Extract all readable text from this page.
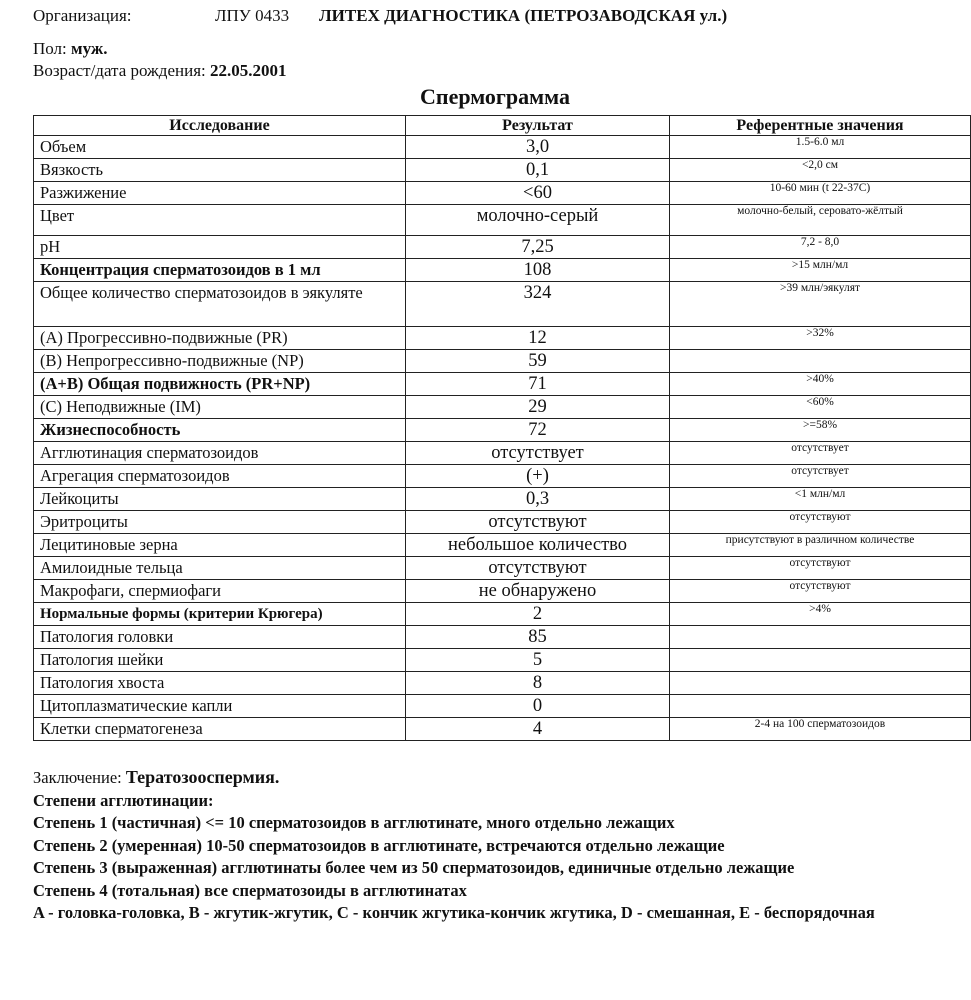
Организация:	ЛПУ 0433 ЛИТЕХ ДИАГНОСТИКА (ПЕТРОЗАВОДСКАЯ ул.)
Пол: муж.
Возраст/дата рождения: 22.05.2001
Спермограмма
Исследование	Результат	Референтные значения
Объем	3,0	1.5-6.0 мл
Вязкость	0,1	<2,0 см
Разжижение	<60	10-60 мин (t 22-37C)
Цвет	молочно-серый	молочно-белый, серовато-жёлтый
pH	7,25	7,2 - 8,0
Концентрация сперматозоидов в 1 мл	108	>15 млн/мл
Общее количество сперматозоидов в эякуляте	324	>39 млн/эякулят
(A) Прогрессивно-подвижные (PR)	12	>32%
(B) Непрогрессивно-подвижные (NP)	59	
(A+B) Общая подвижность (PR+NP)	71	>40%
(C) Неподвижные (IM)	29	<60%
Жизнеспособность	72	>=58%
Агглютинация сперматозоидов	отсутствует	отсутствует
Агрегация сперматозоидов	(+)	отсутствует
Лейкоциты	0,3	<1 млн/мл
Эритроциты	отсутствуют	отсутствуют
Лецитиновые зерна	небольшое количество	присутствуют в различном количестве
Амилоидные тельца	отсутствуют	отсутствуют
Макрофаги, спермиофаги	не обнаружено	отсутствуют
Нормальные формы (критерии Крюгера)	2	>4%
Патология головки	85	
Патология шейки	5	
Патология хвоста	8	
Цитоплазматические капли	0	
Клетки сперматогенеза	4	2-4 на 100 сперматозоидов
Заключение: Тератозооспермия.
Степени агглютинации:
Степень 1 (частичная) <= 10 сперматозоидов в агглютинате, много отдельно лежащих
Степень 2 (умеренная) 10-50 сперматозоидов в агглютинате, встречаются отдельно лежащие
Степень 3 (выраженная) агглютинаты более чем из 50 сперматозоидов, единичные отдельно лежащие
Степень 4 (тотальная) все сперматозоиды в агглютинатах
A - головка-головка, B - жгутик-жгутик, C - кончик жгутика-кончик жгутика, D - смешанная, E - беспорядочная
